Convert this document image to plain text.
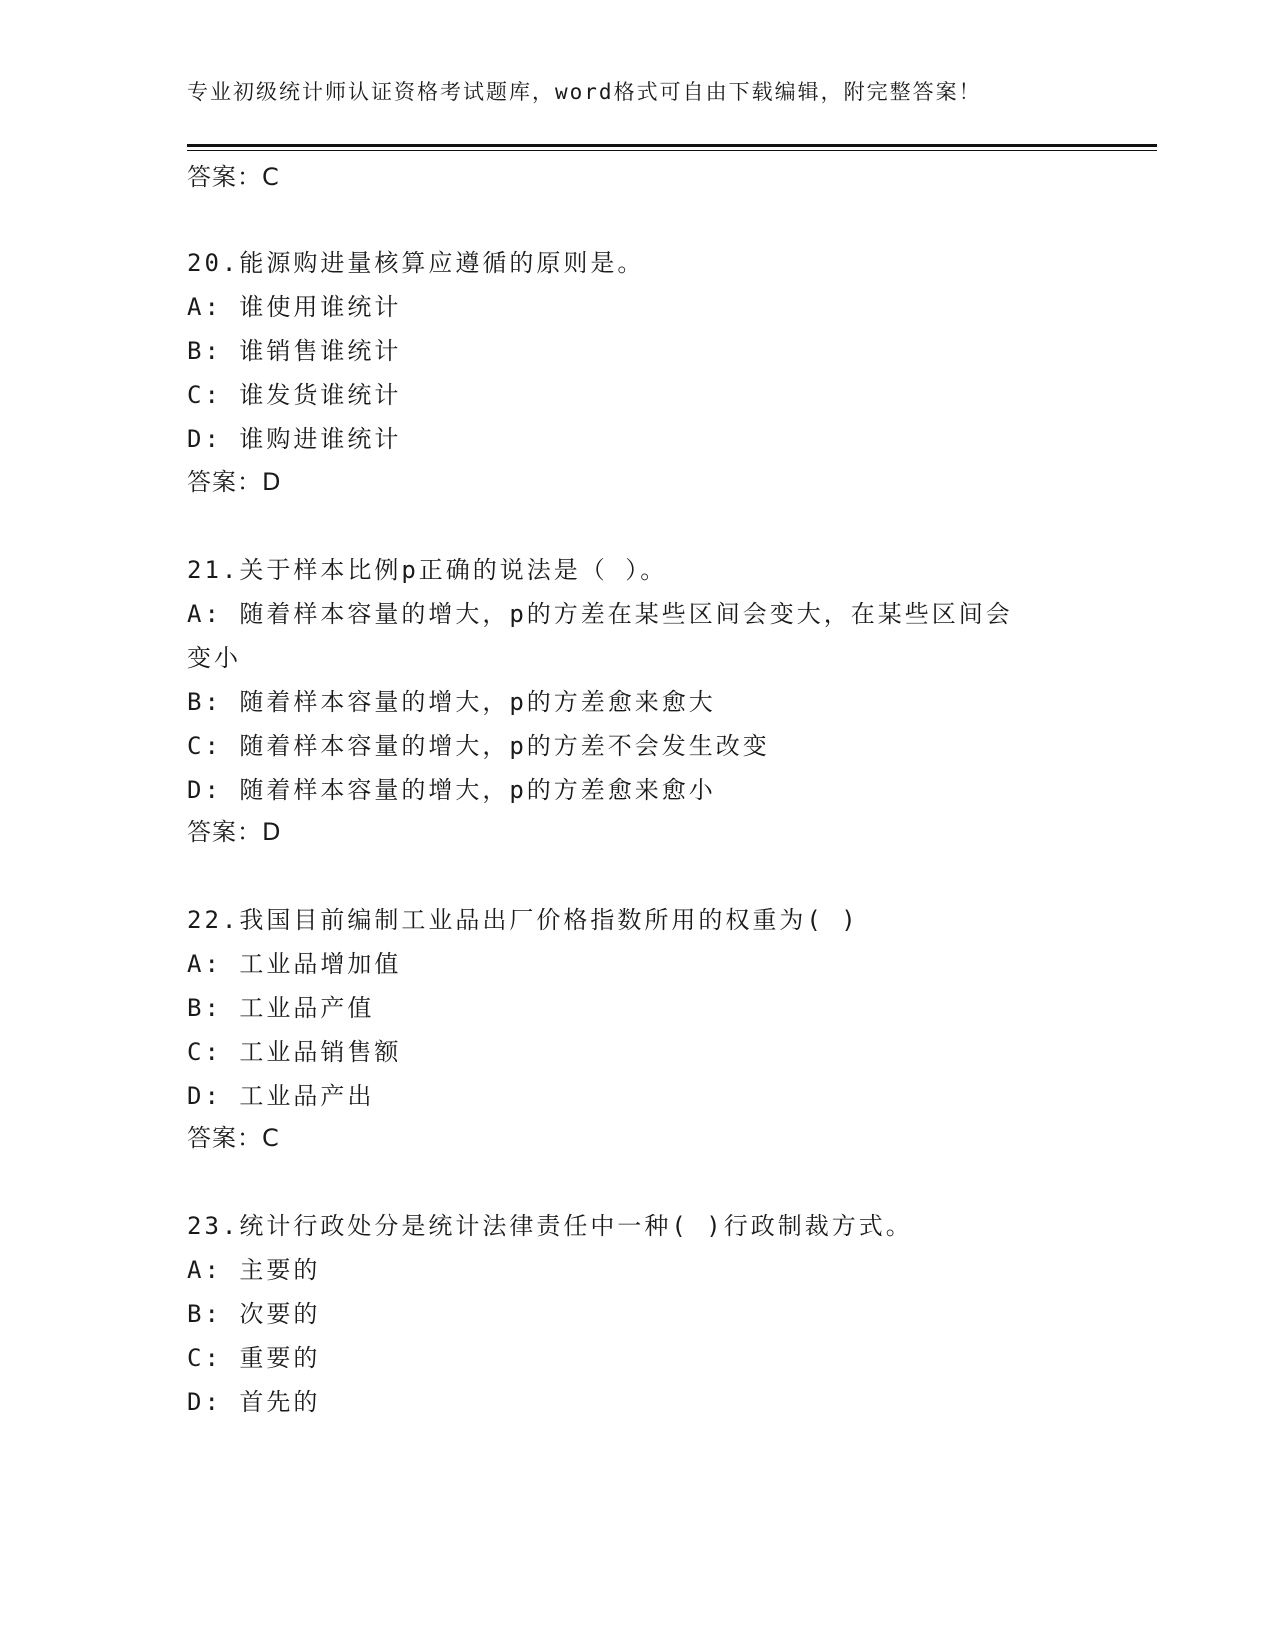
专业初级统计师认证资格考试题库，word格式可自由下载编辑，附完整答案！
答案：C
20.能源购进量核算应遵循的原则是。
A: 谁使用谁统计
B: 谁销售谁统计
C: 谁发货谁统计
D: 谁购进谁统计
答案：D
21.关于样本比例p正确的说法是（ ）。
A: 随着样本容量的增大，p的方差在某些区间会变大，在某些区间会
变小
B: 随着样本容量的增大，p的方差愈来愈大
C: 随着样本容量的增大，p的方差不会发生改变
D: 随着样本容量的增大，p的方差愈来愈小
答案：D
22.我国目前编制工业品出厂价格指数所用的权重为( )
A: 工业品增加值
B: 工业品产值
C: 工业品销售额
D: 工业品产出
答案：C
23.统计行政处分是统计法律责任中一种( )行政制裁方式。
A: 主要的
B: 次要的
C: 重要的
D: 首先的
